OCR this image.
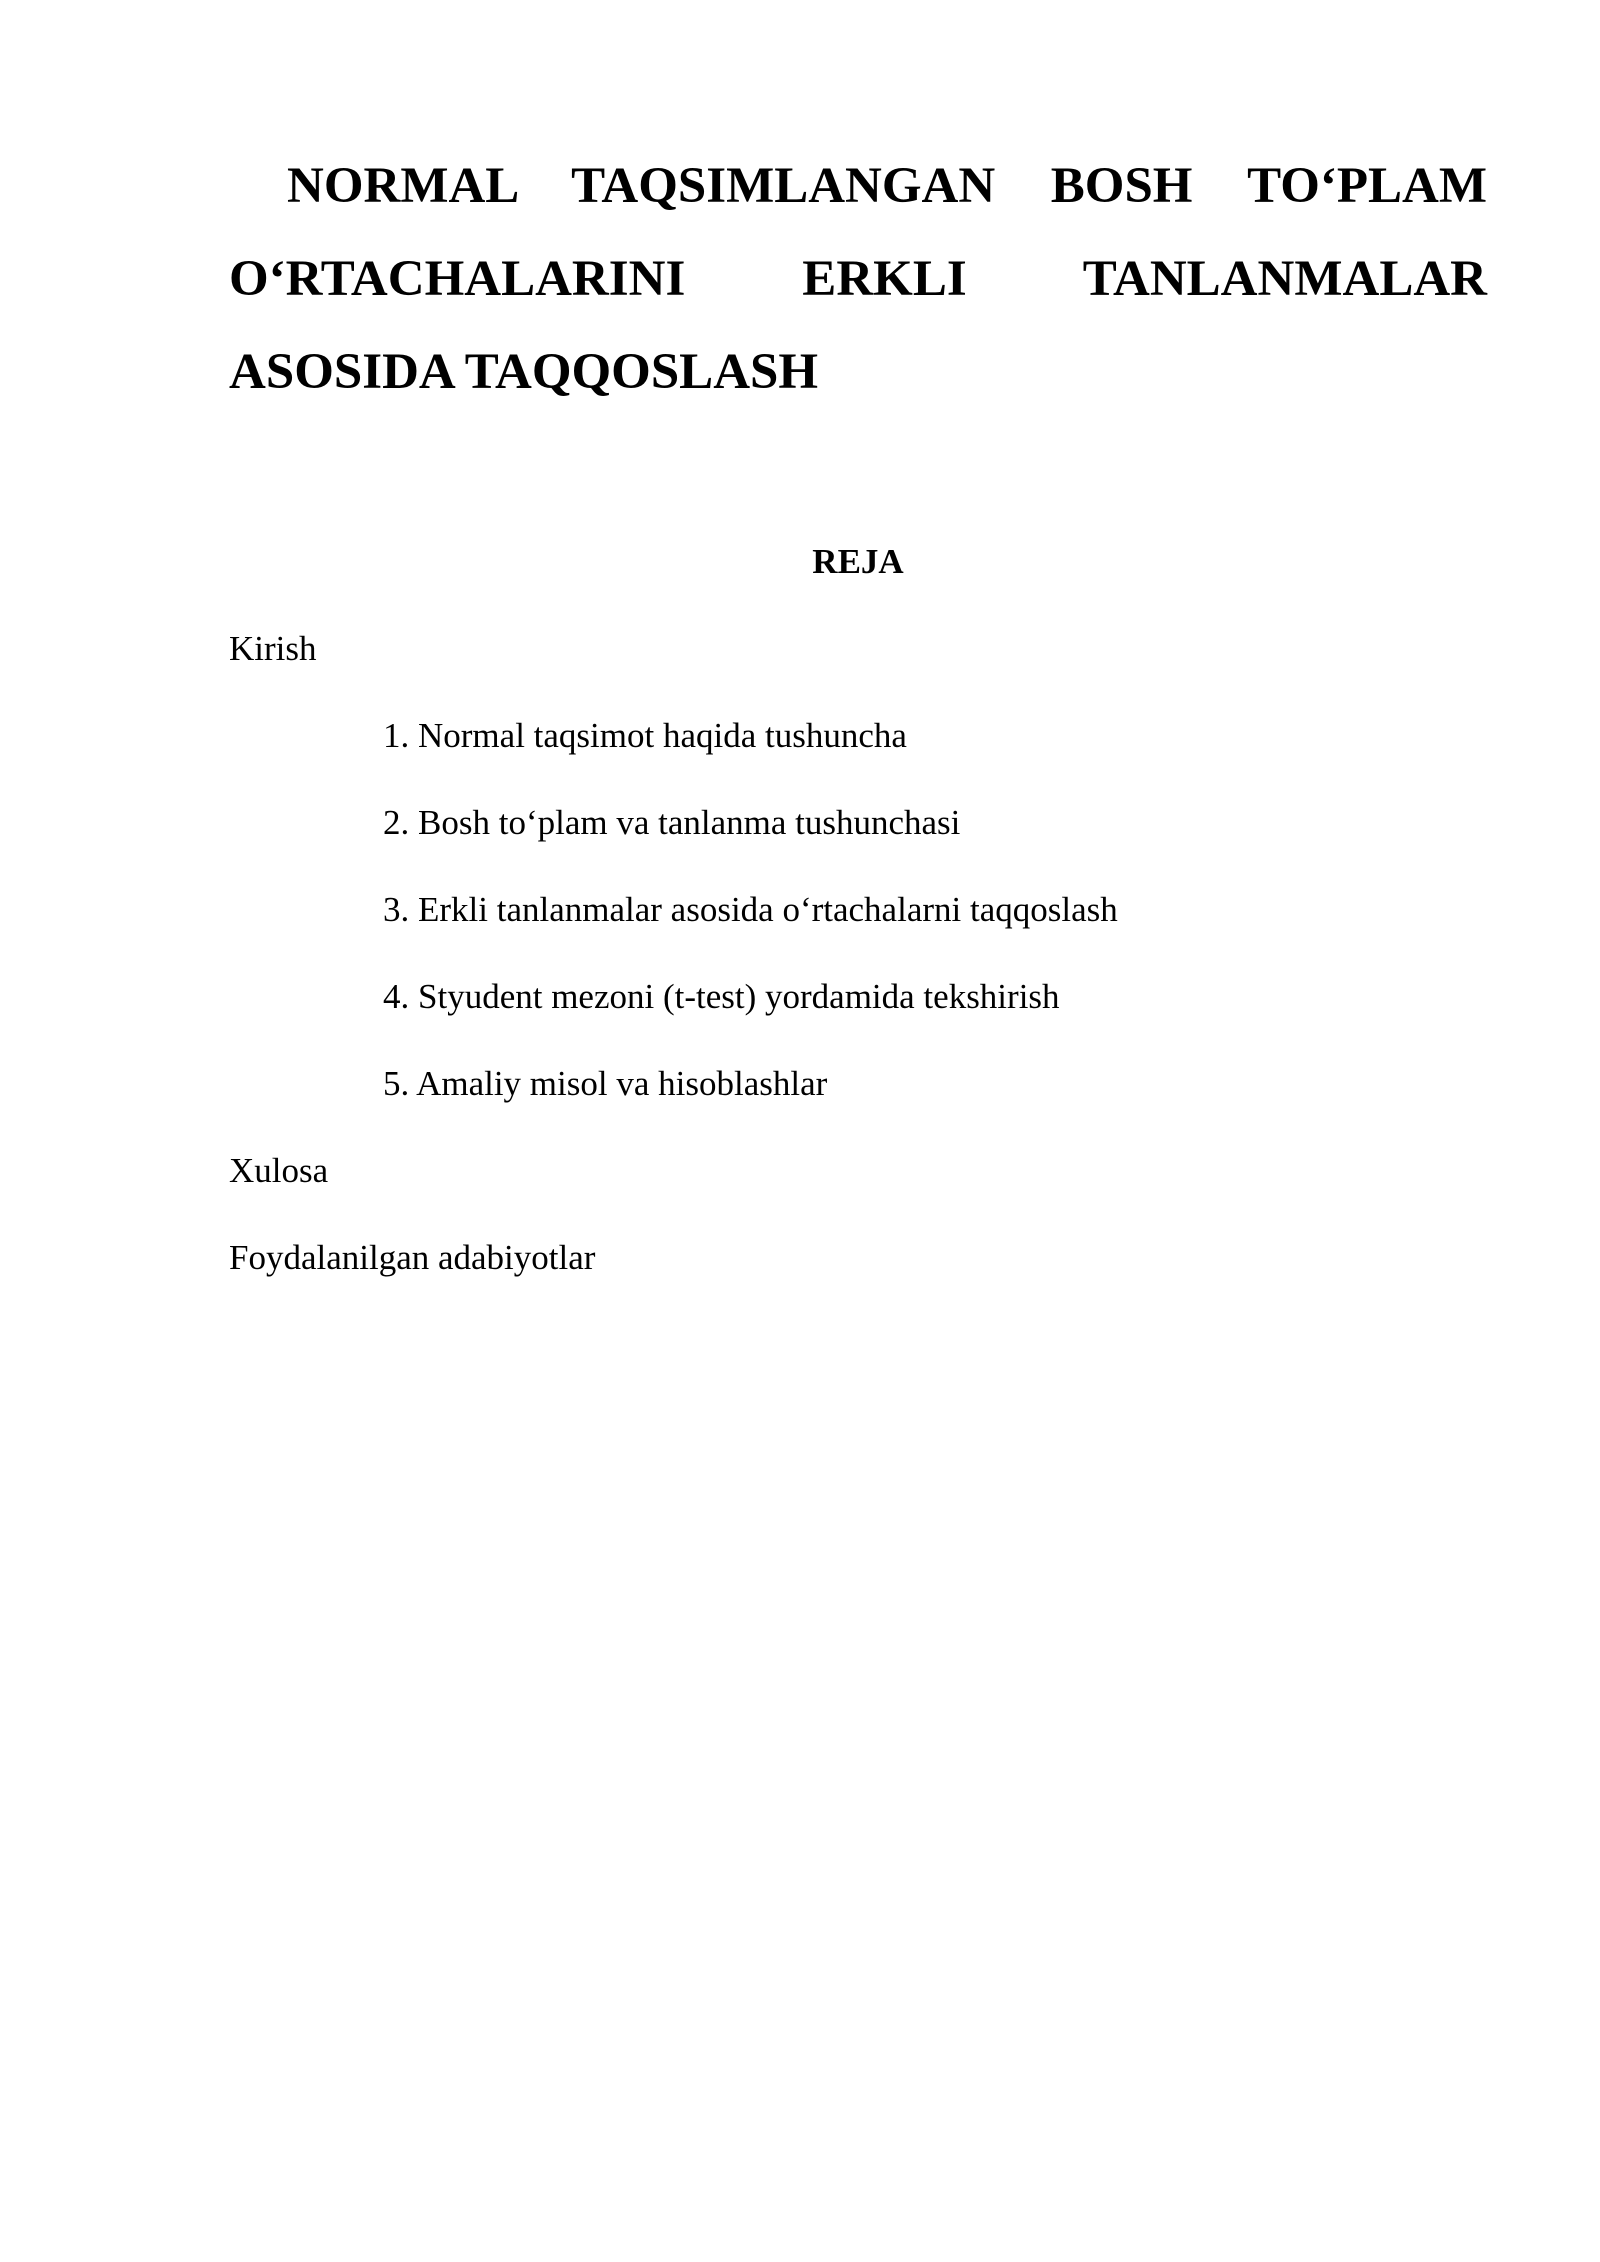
NORMAL TAQSIMLANGAN BOSH TO‘PLAM O‘RTACHALARINI ERKLI TANLANMALAR ASOSIDA TAQQOSLASH

REJA

Kirish

1. Normal taqsimot haqida tushuncha
2. Bosh to‘plam va tanlanma tushunchasi
3. Erkli tanlanmalar asosida o‘rtachalarni taqqoslash
4. Styudent mezoni (t-test) yordamida tekshirish
5. Amaliy misol va hisoblashlar

Xulosa

Foydalanilgan adabiyotlar
